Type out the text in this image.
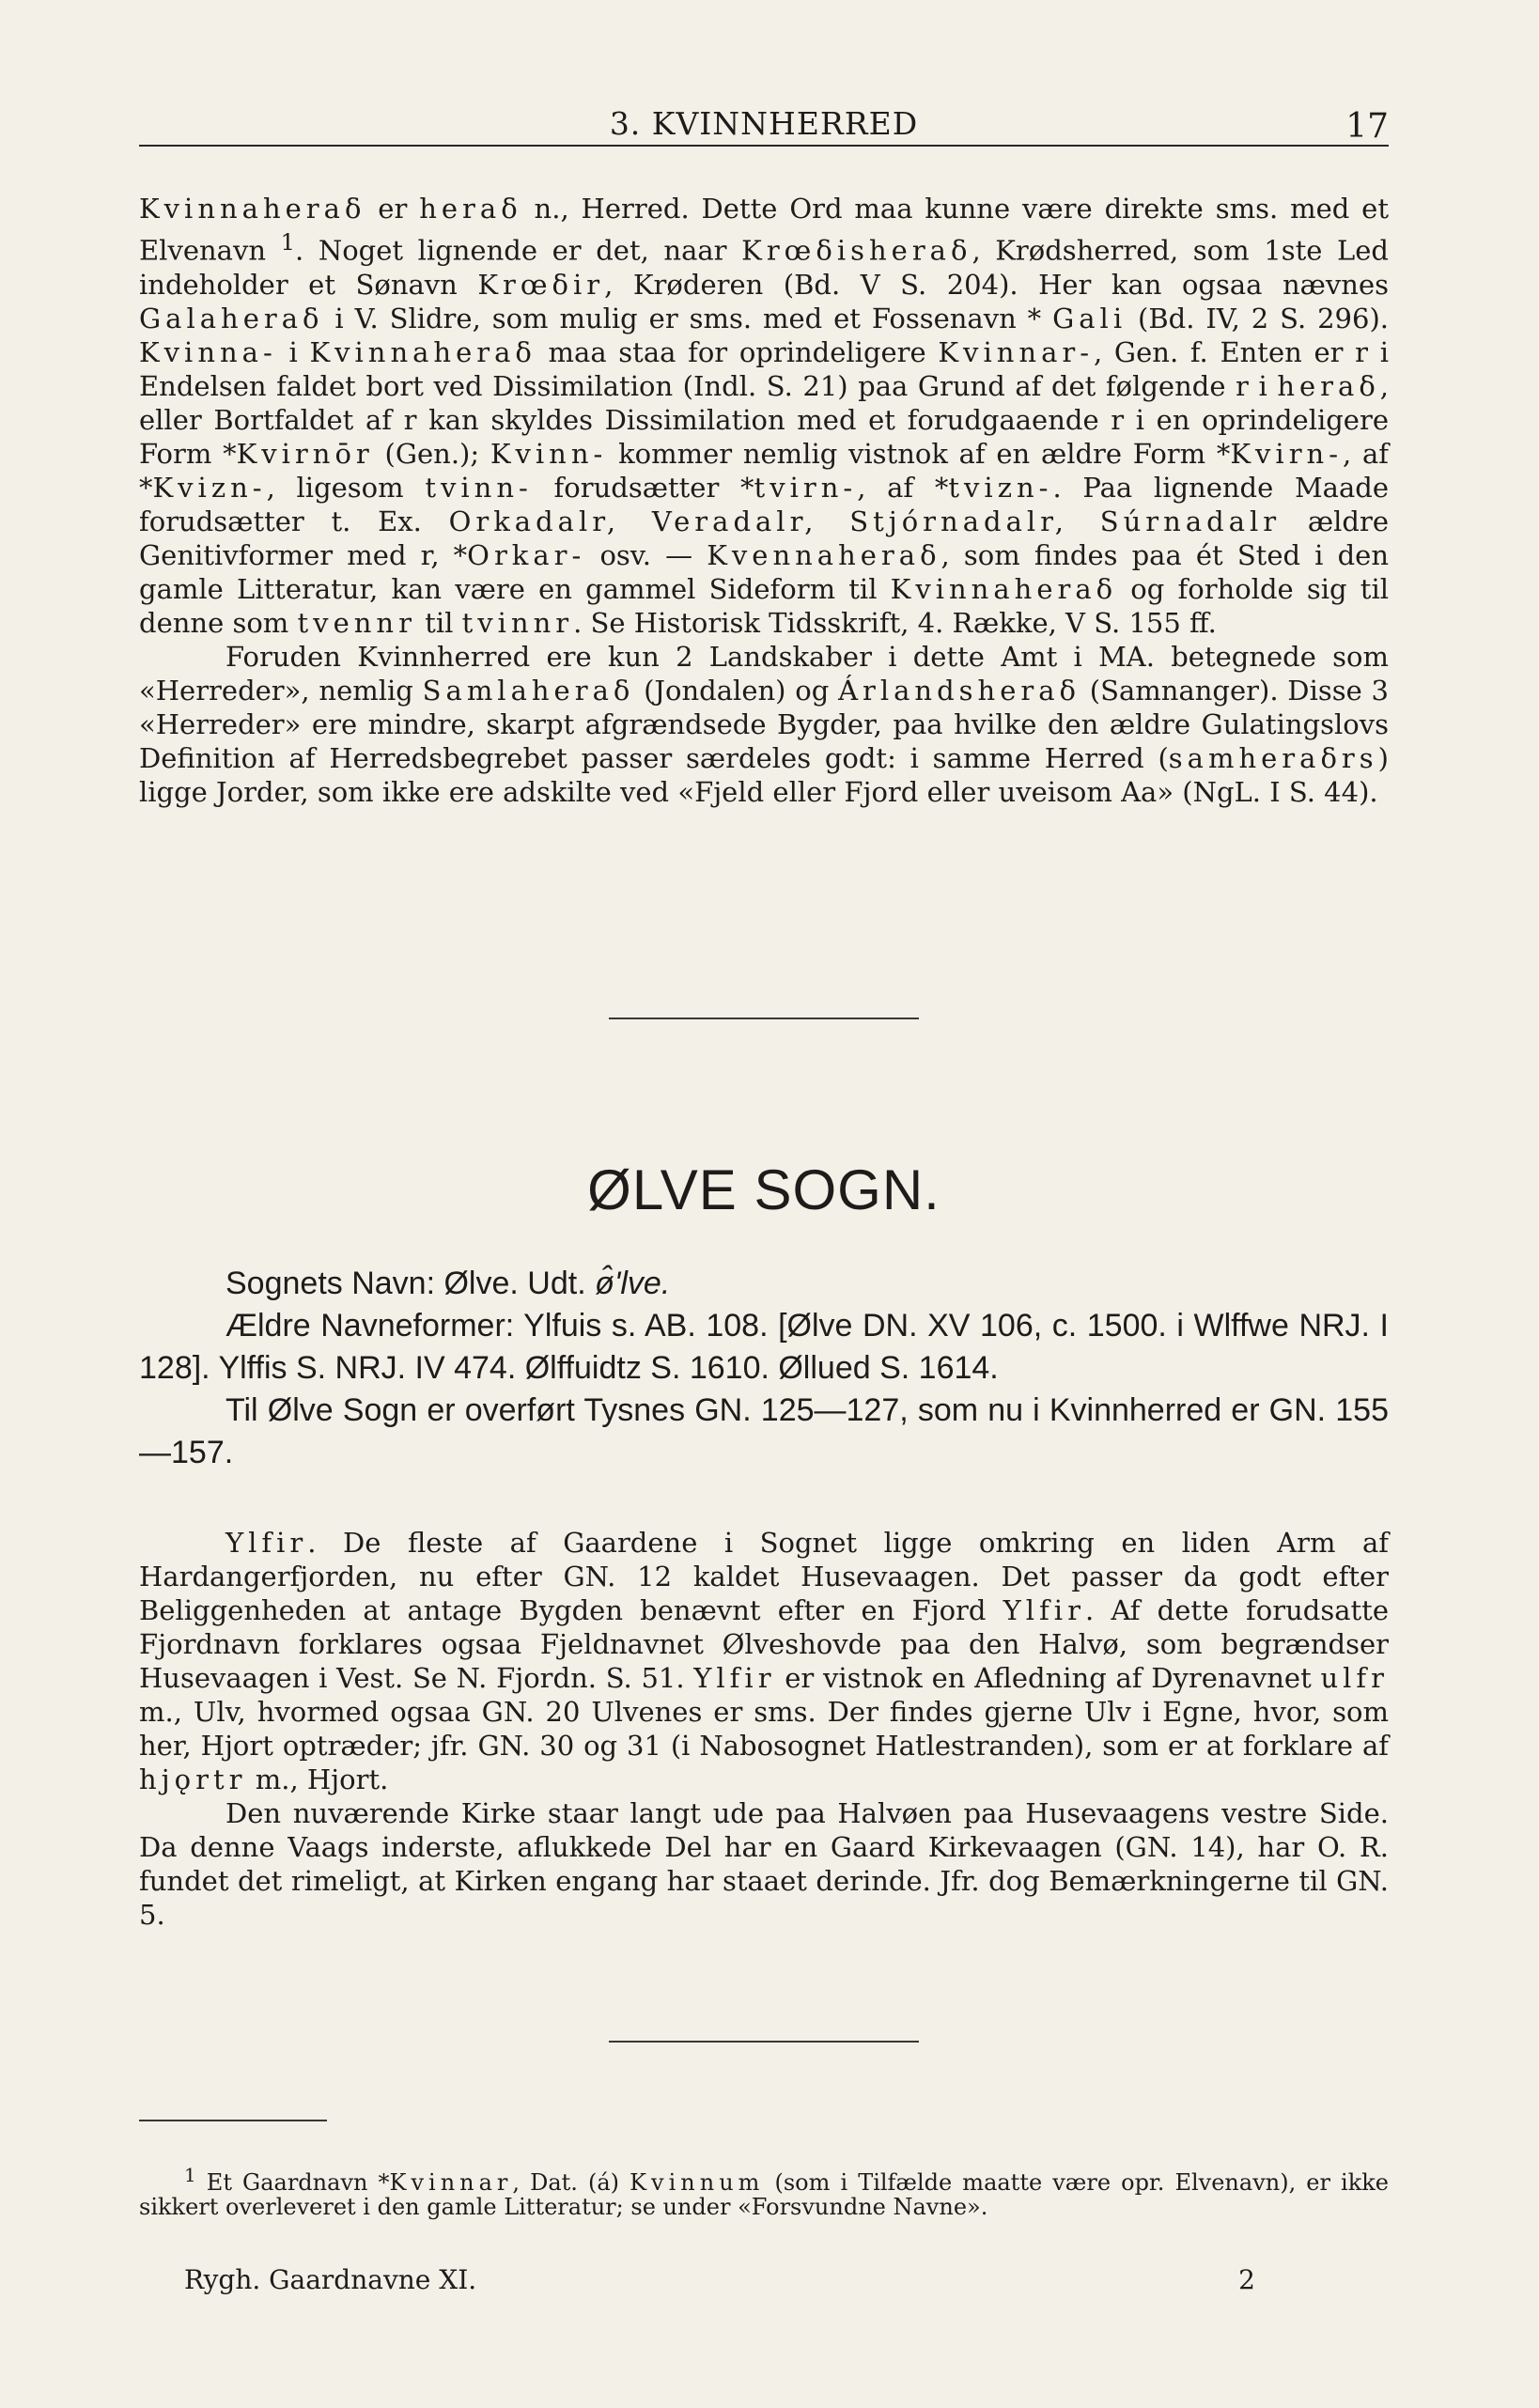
3. KVINNHERRED	17

Kvinnaheraδ er heraδ n., Herred. Dette Ord maa kunne være direkte sms. med et Elvenavn $^1$. Noget lignende er det, naar Krœδisheraδ, Krødsherred, som 1ste Led indeholder et Sønavn Krœδir, Krøderen (Bd. V S. 204). Her kan ogsaa nævnes Galaheraδ i V. Slidre, som mulig er sms. med et Fossenavn * Gali (Bd. IV, 2 S. 296). Kvinna- i Kvinnaheraδ maa staa for oprindeligere Kvinnar-, Gen. f. Enten er r i Endelsen faldet bort ved Dissimilation (Indl. S. 21) paa Grund af det følgende r i heraδ, eller Bortfaldet af r kan skyldes Dissimilation med et forudgaaende r i en oprindeligere Form *Kvirnōr (Gen.); Kvinn- kommer nemlig vistnok af en ældre Form *Kvirn-, af *Kvizn-, ligesom tvinn- forudsætter *tvirn-, af *tvizn-. Paa lignende Maade forudsætter t. Ex. Orkadalr, Veradalr, Stjórnadalr, Súrnadalr ældre Genitivformer med r, *Orkar- osv. — Kvennaheraδ, som findes paa ét Sted i den gamle Litteratur, kan være en gammel Sideform til Kvinnaheraδ og forholde sig til denne som tvennr til tvinnr. Se Historisk Tidsskrift, 4. Række, V S. 155 ff.

Foruden Kvinnherred ere kun 2 Landskaber i dette Amt i MA. betegnede som «Herreder», nemlig Samlaheraδ (Jondalen) og Árlandsheraδ (Samnanger). Disse 3 «Herreder» ere mindre, skarpt afgrændsede Bygder, paa hvilke den ældre Gulatingslovs Definition af Herredsbegrebet passer særdeles godt: i samme Herred (samheraδrs) ligge Jorder, som ikke ere adskilte ved «Fjeld eller Fjord eller uveisom Aa» (NgL. I S. 44).

ØLVE SOGN.

Sognets Navn: Ølve. Udt. ø̂'lve.

Ældre Navneformer: Ylfuis s. AB. 108. [Ølve DN. XV 106, c. 1500. i Wlffwe NRJ. I 128]. Ylffis S. NRJ. IV 474. Ølffuidtz S. 1610. Øllued S. 1614.

Til Ølve Sogn er overført Tysnes GN. 125—127, som nu i Kvinnherred er GN. 155—157.

Ylfir. De fleste af Gaardene i Sognet ligge omkring en liden Arm af Hardangerfjorden, nu efter GN. 12 kaldet Husevaagen. Det passer da godt efter Beliggenheden at antage Bygden benævnt efter en Fjord Ylfir. Af dette forudsatte Fjordnavn forklares ogsaa Fjeldnavnet Ølveshovde paa den Halvø, som begrændser Husevaagen i Vest. Se N. Fjordn. S. 51. Ylfir er vistnok en Afledning af Dyrenavnet ulfr m., Ulv, hvormed ogsaa GN. 20 Ulvenes er sms. Der findes gjerne Ulv i Egne, hvor, som her, Hjort optræder; jfr. GN. 30 og 31 (i Nabosognet Hatlestranden), som er at forklare af hjǫrtr m., Hjort.

Den nuværende Kirke staar langt ude paa Halvøen paa Husevaagens vestre Side. Da denne Vaags inderste, aflukkede Del har en Gaard Kirkevaagen (GN. 14), har O. R. fundet det rimeligt, at Kirken engang har staaet derinde. Jfr. dog Bemærkningerne til GN. 5.

$^1$ Et Gaardnavn *Kvinnar, Dat. (á) Kvinnum (som i Tilfælde maatte være opr. Elvenavn), er ikke sikkert overleveret i den gamle Litteratur; se under «Forsvundne Navne».

Rygh. Gaardnavne XI.	2
